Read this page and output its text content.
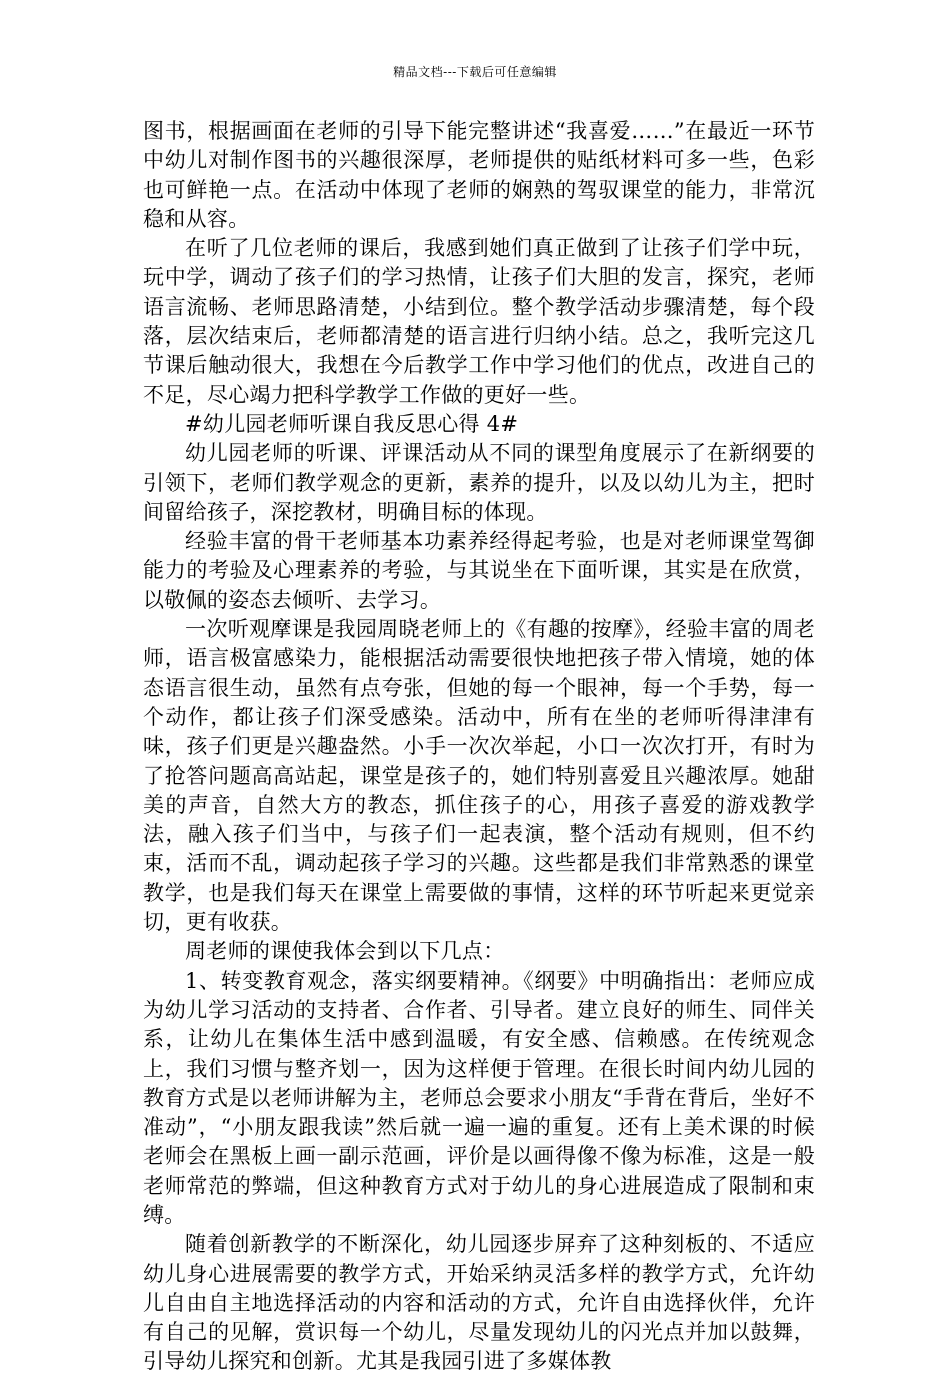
精品文档---下载后可任意编辑

图书，根据画面在老师的引导下能完整讲述“我喜爱……”在最近一环节中幼儿对制作图书的兴趣很深厚，老师提供的贴纸材料可多一些，色彩也可鲜艳一点。在活动中体现了老师的娴熟的驾驭课堂的能力，非常沉稳和从容。

在听了几位老师的课后，我感到她们真正做到了让孩子们学中玩，玩中学，调动了孩子们的学习热情，让孩子们大胆的发言，探究，老师语言流畅、老师思路清楚，小结到位。整个教学活动步骤清楚，每个段落，层次结束后，老师都清楚的语言进行归纳小结。总之，我听完这几节课后触动很大，我想在今后教学工作中学习他们的优点，改进自己的不足，尽心竭力把科学教学工作做的更好一些。

#幼儿园老师听课自我反思心得 4#

幼儿园老师的听课、评课活动从不同的课型角度展示了在新纲要的引领下，老师们教学观念的更新，素养的提升，以及以幼儿为主，把时间留给孩子，深挖教材，明确目标的体现。

经验丰富的骨干老师基本功素养经得起考验，也是对老师课堂驾御能力的考验及心理素养的考验，与其说坐在下面听课，其实是在欣赏，以敬佩的姿态去倾听、去学习。

一次听观摩课是我园周晓老师上的《有趣的按摩》，经验丰富的周老师，语言极富感染力，能根据活动需要很快地把孩子带入情境，她的体态语言很生动，虽然有点夸张，但她的每一个眼神，每一个手势，每一个动作，都让孩子们深受感染。活动中，所有在坐的老师听得津津有味，孩子们更是兴趣盎然。小手一次次举起，小口一次次打开，有时为了抢答问题高高站起，课堂是孩子的，她们特别喜爱且兴趣浓厚。她甜美的声音，自然大方的教态，抓住孩子的心，用孩子喜爱的游戏教学法，融入孩子们当中，与孩子们一起表演，整个活动有规则，但不约束，活而不乱，调动起孩子学习的兴趣。这些都是我们非常熟悉的课堂教学，也是我们每天在课堂上需要做的事情，这样的环节听起来更觉亲切，更有收获。

周老师的课使我体会到以下几点：

1、转变教育观念，落实纲要精神。《纲要》中明确指出：老师应成为幼儿学习活动的支持者、合作者、引导者。建立良好的师生、同伴关系，让幼儿在集体生活中感到温暖，有安全感、信赖感。在传统观念上，我们习惯与整齐划一，因为这样便于管理。在很长时间内幼儿园的教育方式是以老师讲解为主，老师总会要求小朋友“手背在背后，坐好不准动”，“小朋友跟我读”然后就一遍一遍的重复。还有上美术课的时候老师会在黑板上画一副示范画，评价是以画得像不像为标准，这是一般老师常范的弊端，但这种教育方式对于幼儿的身心进展造成了限制和束缚。

随着创新教学的不断深化，幼儿园逐步屏弃了这种刻板的、不适应幼儿身心进展需要的教学方式，开始采纳灵活多样的教学方式，允许幼儿自由自主地选择活动的内容和活动的方式，允许自由选择伙伴，允许有自己的见解，赏识每一个幼儿，尽量发现幼儿的闪光点并加以鼓舞，引导幼儿探究和创新。尤其是我园引进了多媒体教
